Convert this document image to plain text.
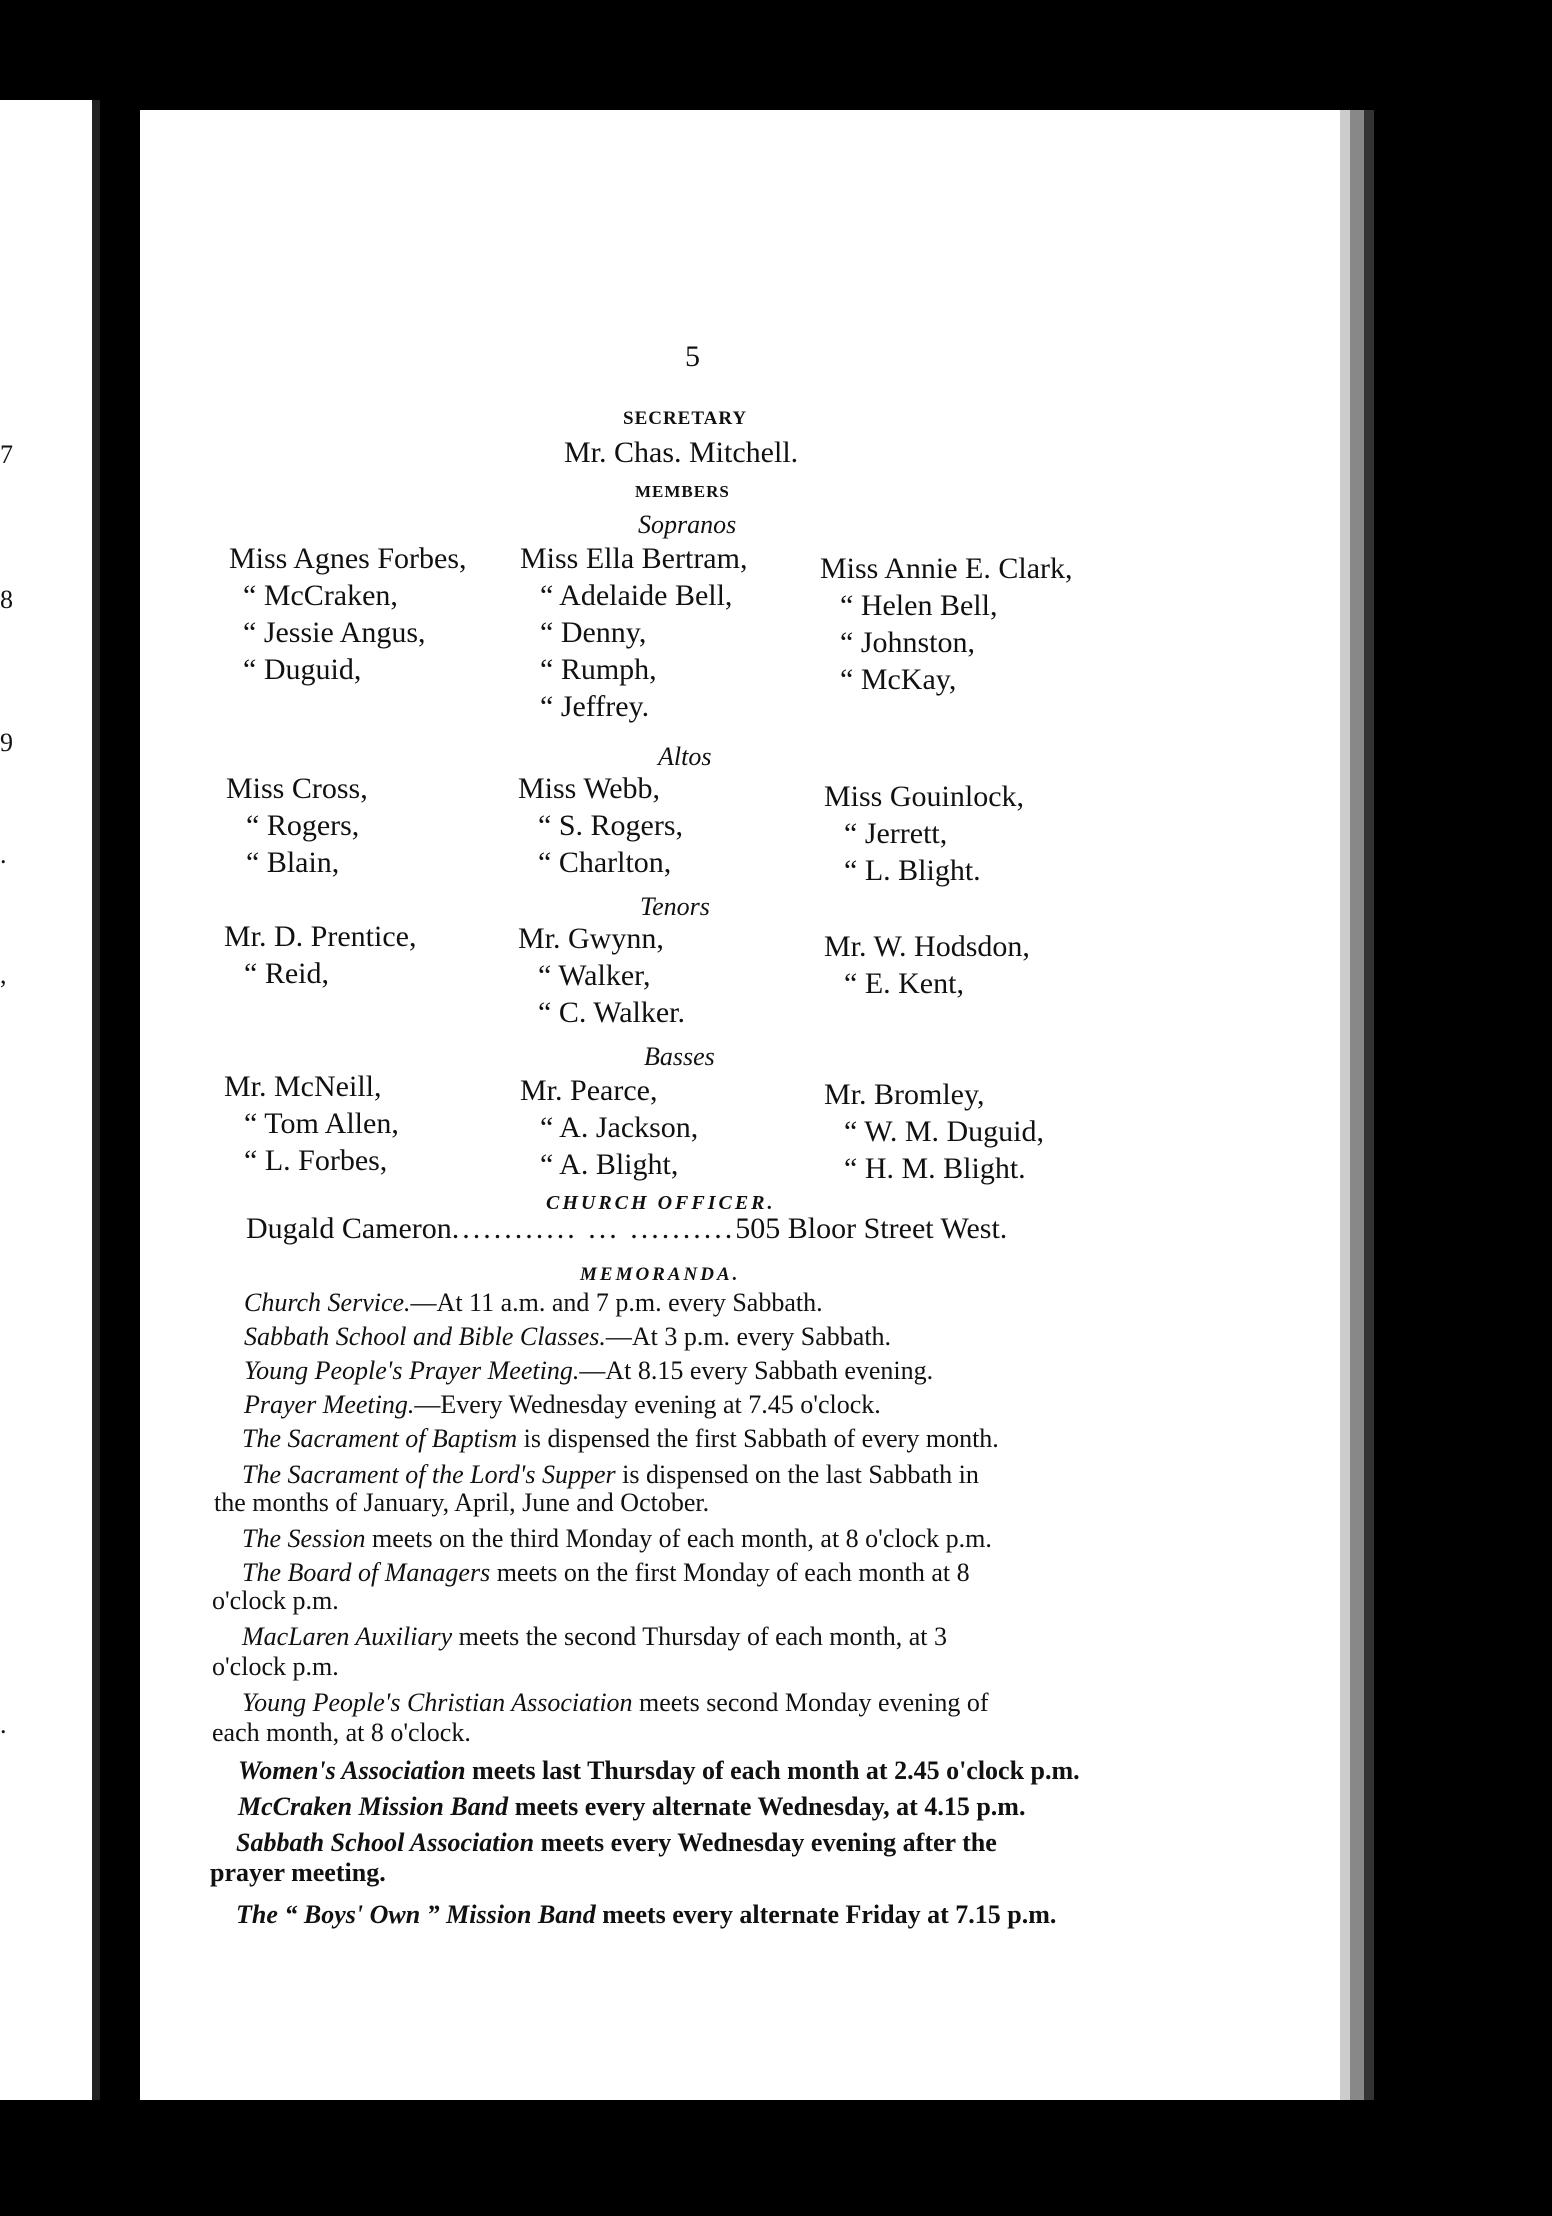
7
8
9
.
,
.
5
SECRETARY
Mr. Chas. Mitchell.
MEMBERS
Sopranos
Miss Agnes Forbes,
“ McCraken,
“ Jessie Angus,
“ Duguid,
Miss Ella Bertram,
“ Adelaide Bell,
“ Denny,
“ Rumph,
“ Jeffrey.
Miss Annie E. Clark,
“ Helen Bell,
“ Johnston,
“ McKay,
Altos
Miss Cross,
“ Rogers,
“ Blain,
Miss Webb,
“ S. Rogers,
“ Charlton,
Miss Gouinlock,
“ Jerrett,
“ L. Blight.
Tenors
Mr. D. Prentice,
“ Reid,
Mr. Gwynn,
“ Walker,
“ C. Walker.
Mr. W. Hodsdon,
“ E. Kent,
Basses
Mr. McNeill,
“ Tom Allen,
“ L. Forbes,
Mr. Pearce,
“ A. Jackson,
“ A. Blight,
Mr. Bromley,
“ W. M. Duguid,
“ H. M. Blight.
CHURCH OFFICER.
Dugald Cameron............ ... ..........505 Bloor Street West.
MEMORANDA.
Church Service.—At 11 a.m. and 7 p.m. every Sabbath.
Sabbath School and Bible Classes.—At 3 p.m. every Sabbath.
Young People's Prayer Meeting.—At 8.15 every Sabbath evening.
Prayer Meeting.—Every Wednesday evening at 7.45 o'clock.
The Sacrament of Baptism is dispensed the first Sabbath of every month.
The Sacrament of the Lord's Supper is dispensed on the last Sabbath in
the months of January, April, June and October.
The Session meets on the third Monday of each month, at 8 o'clock p.m.
The Board of Managers meets on the first Monday of each month at 8
o'clock p.m.
MacLaren Auxiliary meets the second Thursday of each month, at 3
o'clock p.m.
Young People's Christian Association meets second Monday evening of
each month, at 8 o'clock.
Women's Association meets last Thursday of each month at 2.45 o'clock p.m.
McCraken Mission Band meets every alternate Wednesday, at 4.15 p.m.
Sabbath School Association meets every Wednesday evening after the
prayer meeting.
The “ Boys' Own ” Mission Band meets every alternate Friday at 7.15 p.m.
